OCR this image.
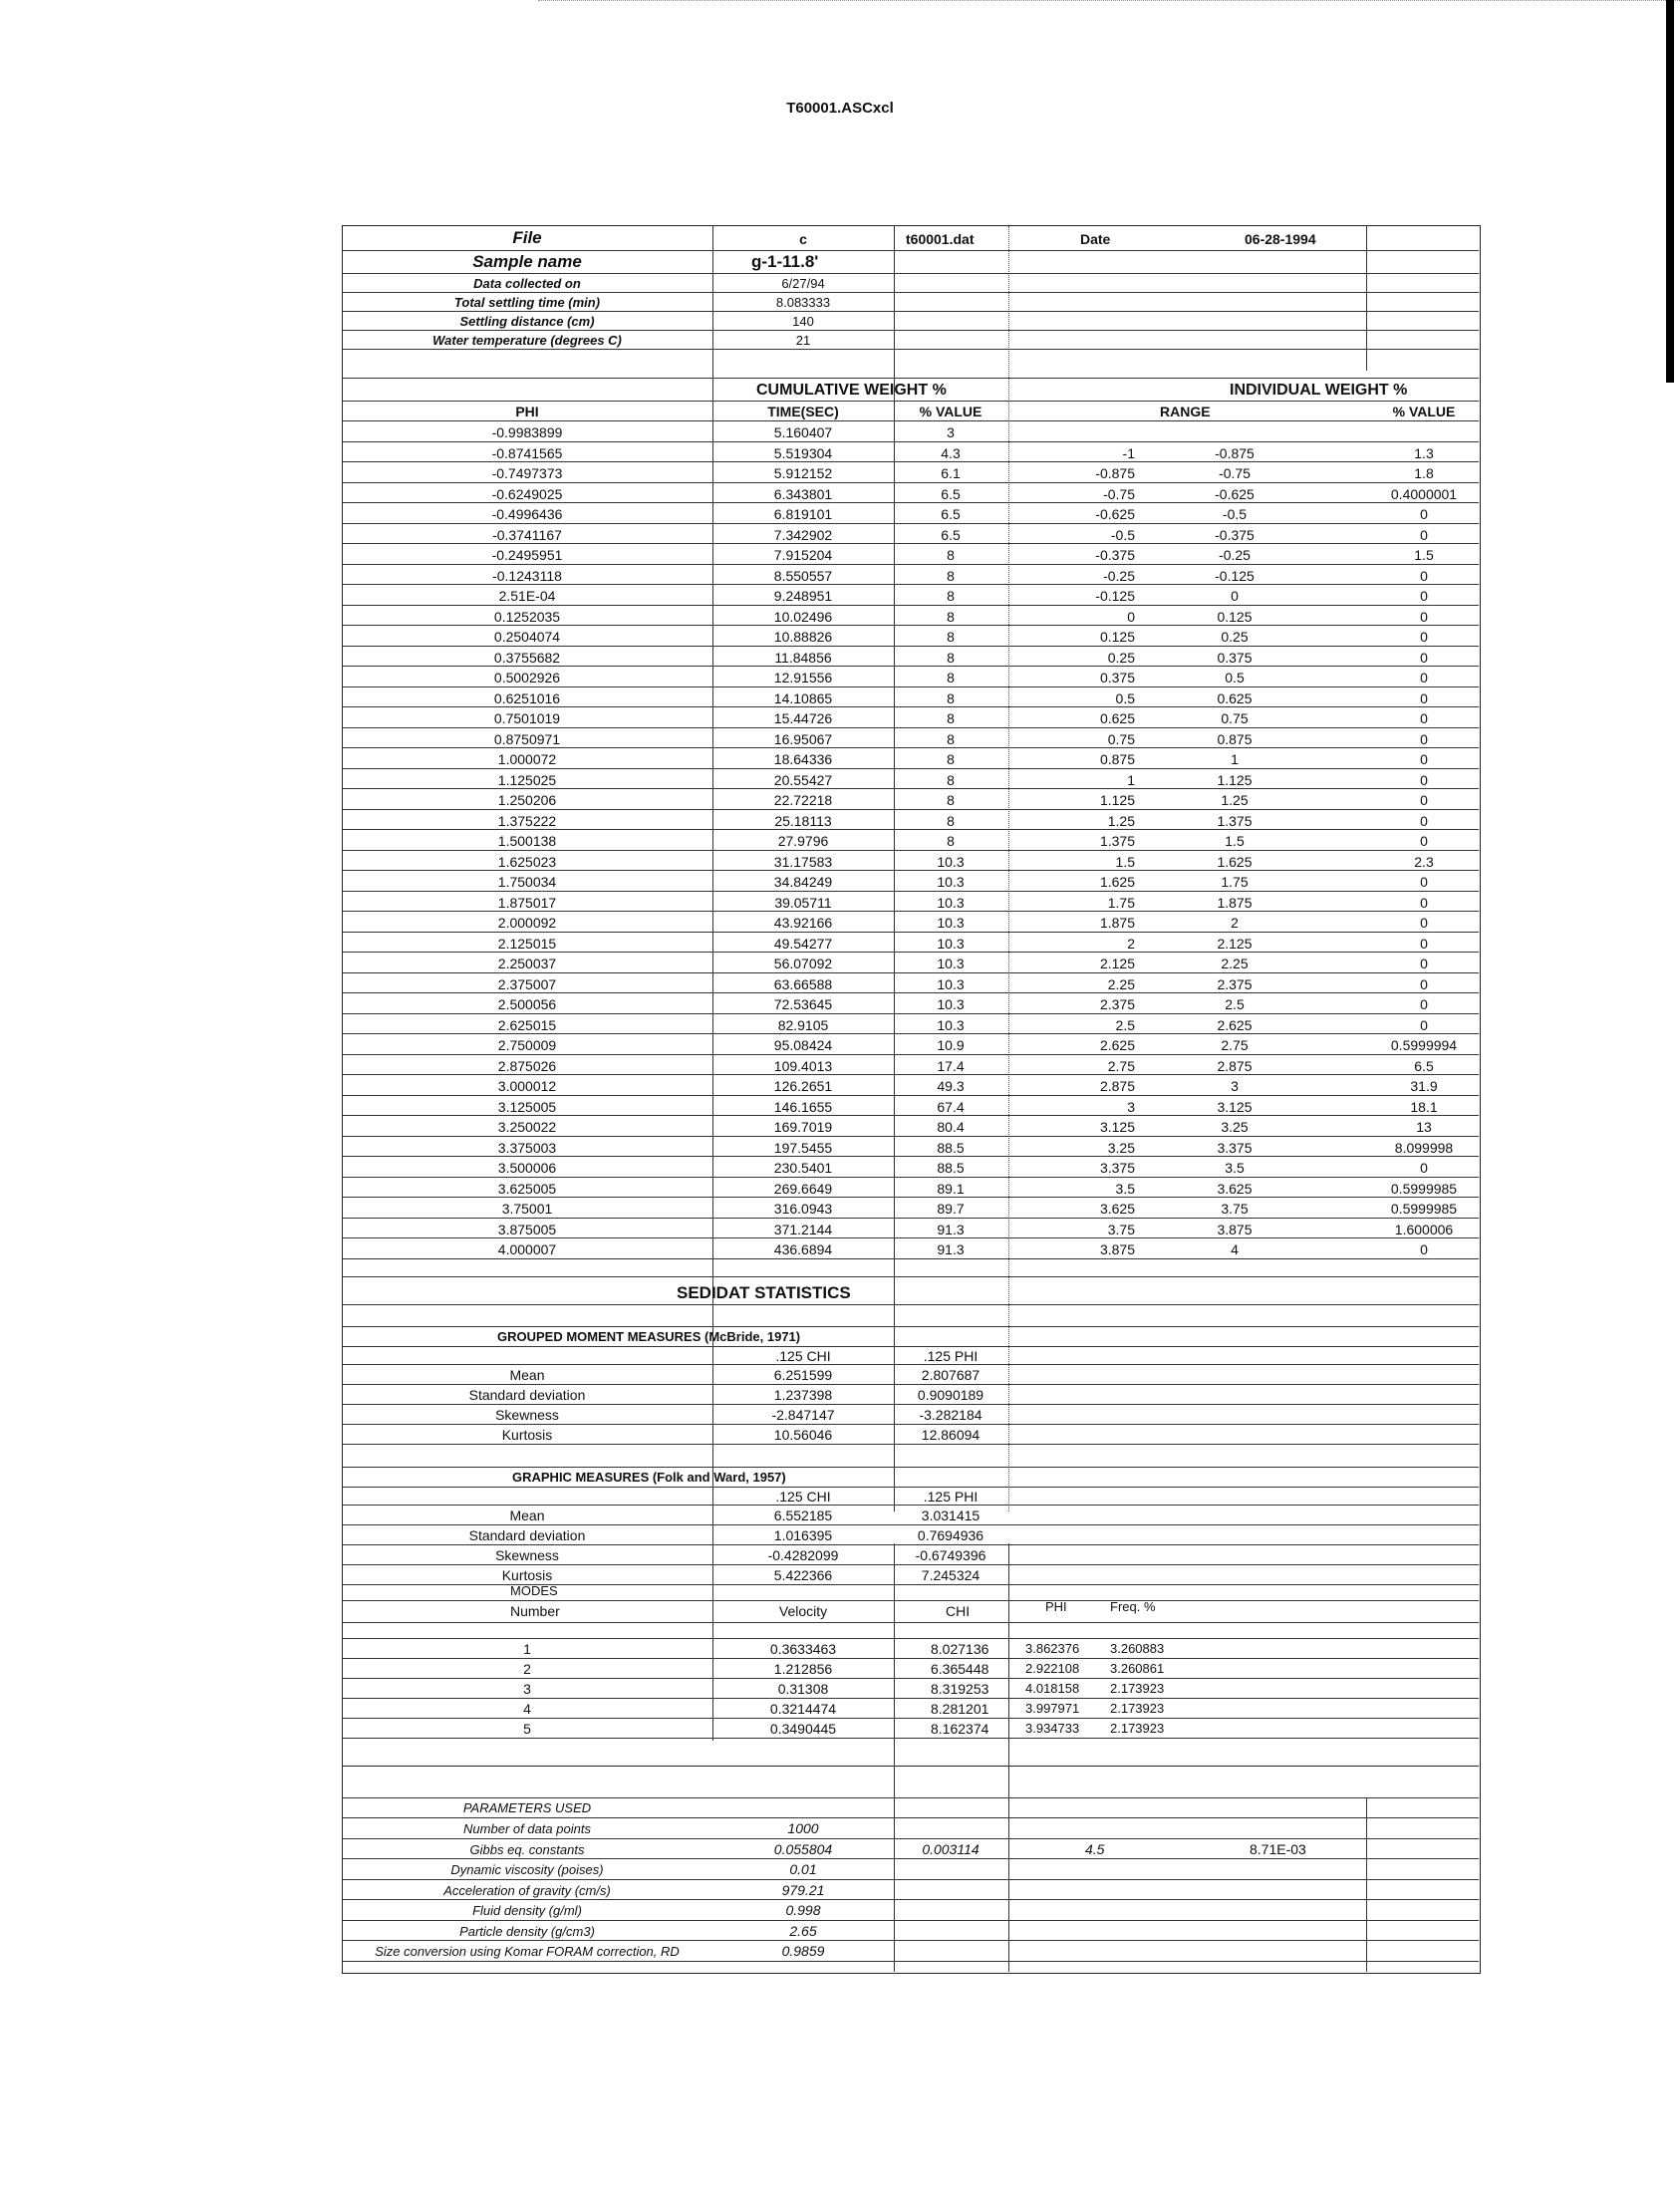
T60001.ASCxcl
File	c	t60001.dat	Date	06-28-1994
Sample name	g-1-11.8'
Data collected on	6/27/94
Total settling time (min)	8.083333
Settling distance (cm)	140
Water temperature (degrees C)	21
CUMULATIVE WEIGHT %	INDIVIDUAL WEIGHT %
PHI	TIME(SEC)	% VALUE	RANGE	% VALUE
-0.9983899	5.160407	3
-0.8741565	5.519304	4.3	-1	-0.875	1.3
-0.7497373	5.912152	6.1	-0.875	-0.75	1.8
-0.6249025	6.343801	6.5	-0.75	-0.625	0.4000001
-0.4996436	6.819101	6.5	-0.625	-0.5	0
-0.3741167	7.342902	6.5	-0.5	-0.375	0
-0.2495951	7.915204	8	-0.375	-0.25	1.5
-0.1243118	8.550557	8	-0.25	-0.125	0
2.51E-04	9.248951	8	-0.125	0	0
0.1252035	10.02496	8	0	0.125	0
0.2504074	10.88826	8	0.125	0.25	0
0.3755682	11.84856	8	0.25	0.375	0
0.5002926	12.91556	8	0.375	0.5	0
0.6251016	14.10865	8	0.5	0.625	0
0.7501019	15.44726	8	0.625	0.75	0
0.8750971	16.95067	8	0.75	0.875	0
1.000072	18.64336	8	0.875	1	0
1.125025	20.55427	8	1	1.125	0
1.250206	22.72218	8	1.125	1.25	0
1.375222	25.18113	8	1.25	1.375	0
1.500138	27.9796	8	1.375	1.5	0
1.625023	31.17583	10.3	1.5	1.625	2.3
1.750034	34.84249	10.3	1.625	1.75	0
1.875017	39.05711	10.3	1.75	1.875	0
2.000092	43.92166	10.3	1.875	2	0
2.125015	49.54277	10.3	2	2.125	0
2.250037	56.07092	10.3	2.125	2.25	0
2.375007	63.66588	10.3	2.25	2.375	0
2.500056	72.53645	10.3	2.375	2.5	0
2.625015	82.9105	10.3	2.5	2.625	0
2.750009	95.08424	10.9	2.625	2.75	0.5999994
2.875026	109.4013	17.4	2.75	2.875	6.5
3.000012	126.2651	49.3	2.875	3	31.9
3.125005	146.1655	67.4	3	3.125	18.1
3.250022	169.7019	80.4	3.125	3.25	13
3.375003	197.5455	88.5	3.25	3.375	8.099998
3.500006	230.5401	88.5	3.375	3.5	0
3.625005	269.6649	89.1	3.5	3.625	0.5999985
3.75001	316.0943	89.7	3.625	3.75	0.5999985
3.875005	371.2144	91.3	3.75	3.875	1.600006
4.000007	436.6894	91.3	3.875	4	0
SEDIDAT STATISTICS
GROUPED MOMENT MEASURES (McBride, 1971)
.125 CHI	.125 PHI
Mean	6.251599	2.807687
Standard deviation	1.237398	0.9090189
Skewness	-2.847147	-3.282184
Kurtosis	10.56046	12.86094
GRAPHIC MEASURES (Folk and Ward, 1957)
.125 CHI	.125 PHI
Mean	6.552185	3.031415
Standard deviation	1.016395	0.7694936
Skewness	-0.4282099	-0.6749396
Kurtosis	5.422366	7.245324
MODES
Number	Velocity	CHI	PHI	Freq. %
1	0.3633463	8.027136	3.862376 3.260883
2	1.212856	6.365448	2.922108 3.260861
3	0.31308	8.319253	4.018158 2.173923
4	0.3214474	8.281201	3.997971 2.173923
5	0.3490445	8.162374	3.934733 2.173923
PARAMETERS USED
Number of data points	1000
Gibbs eq. constants	0.055804	0.003114	4.5	8.71E-03
Dynamic viscosity (poises)	0.01
Acceleration of gravity (cm/s)	979.21
Fluid density (g/ml)	0.998
Particle density (g/cm3)	2.65
Size conversion using Komar FORAM correction, RD	0.9859
